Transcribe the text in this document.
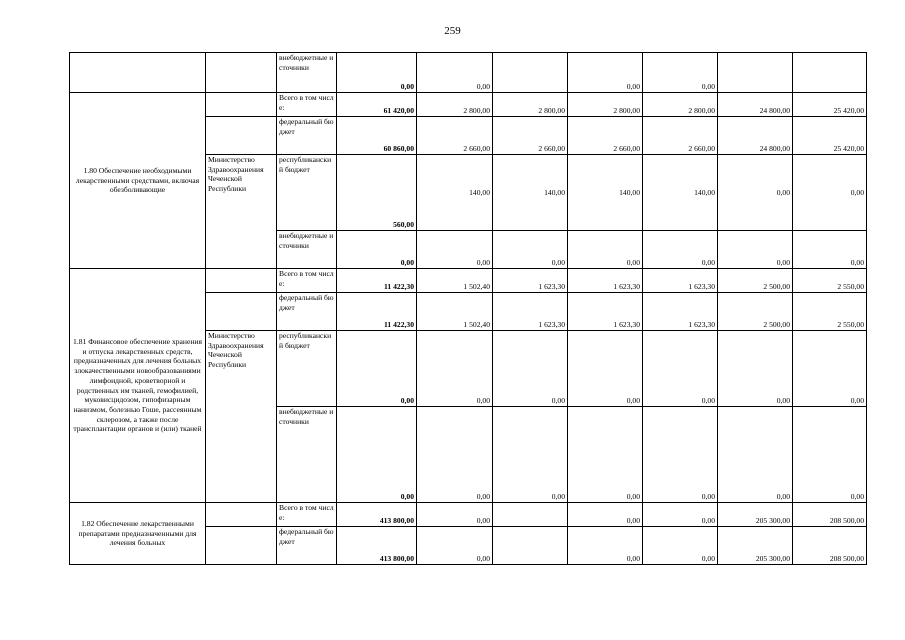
259
		внебюджетные источники	0,00	0,00		0,00	0,00		
1.80 Обеспечение необходимыми лекарственными средствами, включая обезболивающие		Всего в том числе:	61 420,00	2 800,00	2 800,00	2 800,00	2 800,00	24 800,00	25 420,00
		федеральный бюджет	60 860,00	2 660,00	2 660,00	2 660,00	2 660,00	24 800,00	25 420,00
	Министерство Здравоохранения Чеченской Республики	республиканский бюджет	560,00	140,00	140,00	140,00	140,00	0,00	0,00
		внебюджетные источники	0,00	0,00	0,00	0,00	0,00	0,00	0,00
1.81 Финансовое обеспечение хранения и отпуска лекарственных средств, предназначенных для лечения больных злокачественными новообразованиями лимфоидной, кроветворной и родственных им тканей, гемофилией, муковисцидозом, гипофизарным нанизмом, болезнью Гоше, рассеянным склерозом, а также после трансплантации органов и (или) тканей		Всего в том числе:	11 422,30	1 502,40	1 623,30	1 623,30	1 623,30	2 500,00	2 550,00
		федеральный бюджет	11 422,30	1 502,40	1 623,30	1 623,30	1 623,30	2 500,00	2 550,00
	Министерство Здравоохранения Чеченской Республики	республиканский бюджет	0,00	0,00	0,00	0,00	0,00	0,00	0,00
		внебюджетные источники	0,00	0,00	0,00	0,00	0,00	0,00	0,00
1.82 Обеспечение лекарственными препаратами предназначенными для лечения больных		Всего в том числе:	413 800,00	0,00		0,00	0,00	205 300,00	208 500,00
		федеральный бюджет	413 800,00	0,00		0,00	0,00	205 300,00	208 500,00
